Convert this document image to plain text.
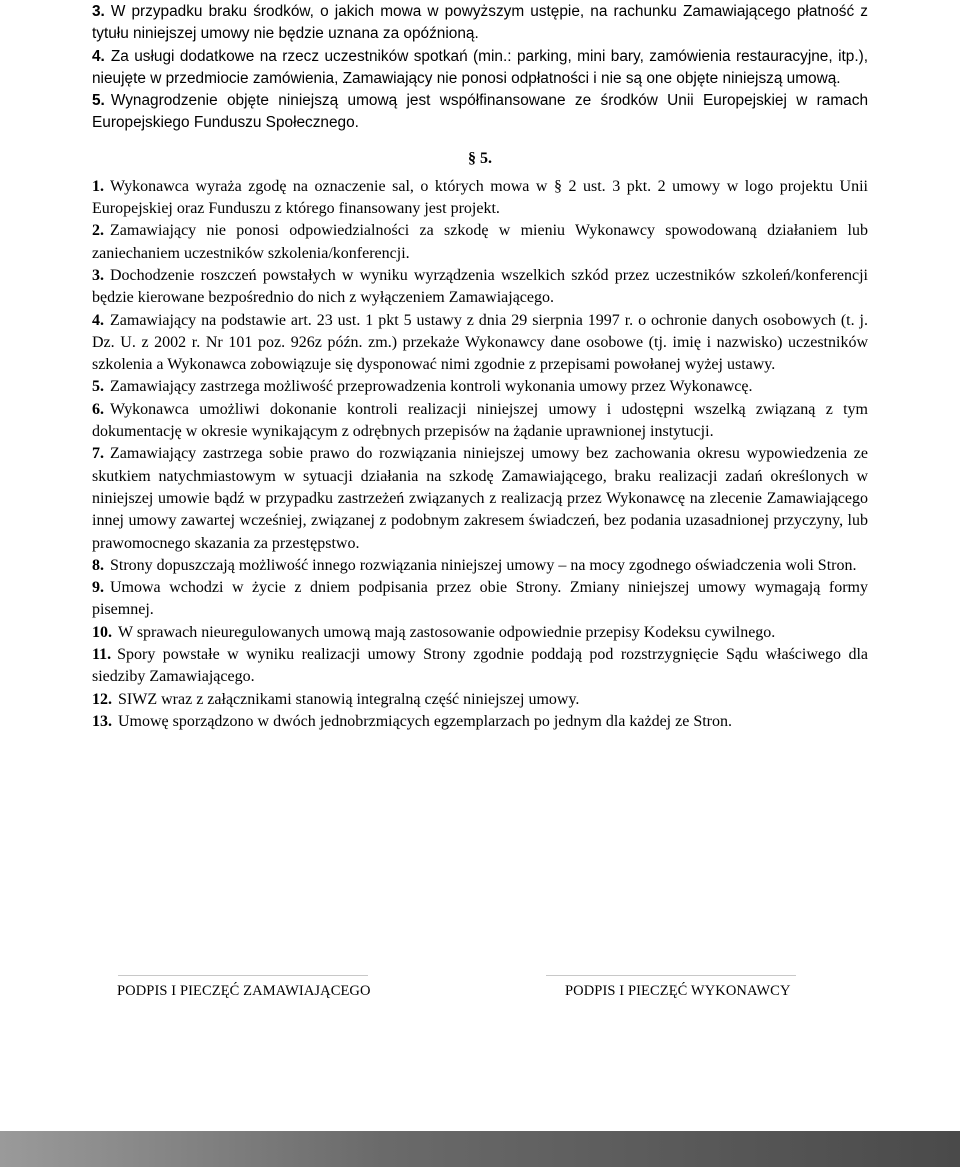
3. W przypadku braku środków, o jakich mowa w powyższym ustępie, na rachunku Zamawiającego płatność z tytułu niniejszej umowy nie będzie uznana za opóźnioną.

4. Za usługi dodatkowe na rzecz uczestników spotkań (min.: parking, mini bary, zamówienia restauracyjne, itp.), nieujęte w przedmiocie zamówienia, Zamawiający nie ponosi odpłatności i nie są one objęte niniejszą umową.

5. Wynagrodzenie objęte niniejszą umową jest współfinansowane ze środków Unii Europejskiej w ramach Europejskiego Funduszu Społecznego.

§ 5.

1. Wykonawca wyraża zgodę na oznaczenie sal, o których mowa w § 2 ust. 3 pkt. 2 umowy w logo projektu Unii Europejskiej oraz Funduszu z którego finansowany jest projekt.

2. Zamawiający nie ponosi odpowiedzialności za szkodę w mieniu Wykonawcy spowodowaną działaniem lub zaniechaniem uczestników szkolenia/konferencji.

3. Dochodzenie roszczeń powstałych w wyniku wyrządzenia wszelkich szkód przez uczestników szkoleń/konferencji będzie kierowane bezpośrednio do nich z wyłączeniem Zamawiającego.

4. Zamawiający na podstawie art. 23 ust. 1 pkt 5 ustawy z dnia 29 sierpnia 1997 r. o ochronie danych osobowych (t. j. Dz. U. z 2002 r. Nr 101 poz. 926z późn. zm.) przekaże Wykonawcy dane osobowe (tj. imię i nazwisko) uczestników szkolenia a Wykonawca zobowiązuje się dysponować nimi zgodnie z przepisami powołanej wyżej ustawy.

5. Zamawiający zastrzega możliwość przeprowadzenia kontroli wykonania umowy przez Wykonawcę.

6. Wykonawca umożliwi dokonanie kontroli realizacji niniejszej umowy i udostępni wszelką związaną z tym dokumentację w okresie wynikającym z odrębnych przepisów na żądanie uprawnionej instytucji.

7. Zamawiający zastrzega sobie prawo do rozwiązania niniejszej umowy bez zachowania okresu wypowiedzenia ze skutkiem natychmiastowym w sytuacji działania na szkodę Zamawiającego, braku realizacji zadań określonych w niniejszej umowie bądź w przypadku zastrzeżeń związanych z realizacją przez Wykonawcę na zlecenie Zamawiającego innej umowy zawartej wcześniej, związanej z podobnym zakresem świadczeń, bez podania uzasadnionej przyczyny, lub prawomocnego skazania za przestępstwo.

8. Strony dopuszczają możliwość innego rozwiązania niniejszej umowy – na mocy zgodnego oświadczenia woli Stron.

9. Umowa wchodzi w życie z dniem podpisania przez obie Strony. Zmiany niniejszej umowy wymagają formy pisemnej.

10. W sprawach nieuregulowanych umową mają zastosowanie odpowiednie przepisy Kodeksu cywilnego.

11. Spory powstałe w wyniku realizacji umowy Strony zgodnie poddają pod rozstrzygnięcie Sądu właściwego dla siedziby Zamawiającego.

12. SIWZ wraz z załącznikami stanowią integralną część niniejszej umowy.

13. Umowę sporządzono w dwóch jednobrzmiących egzemplarzach po jednym dla każdej ze Stron.

PODPIS I PIECZĘĆ ZAMAWIAJĄCEGO	PODPIS I PIECZĘĆ WYKONAWCY
